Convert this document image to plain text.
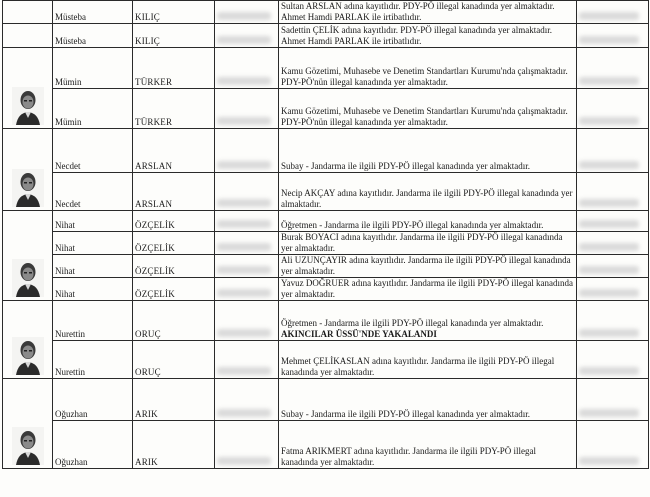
	Müsteba	KILIÇ		Sultan ARSLAN adına kayıtlıdır. PDY-PÖ illegal kanadında yer almaktadır. Ahmet Hamdi PARLAK ile irtibatlıdır.	
	Müsteba	KILIÇ		Sadettin ÇELİK adına kayıtlıdır. PDY-PÖ illegal kanadında yer almaktadır. Ahmet Hamdi PARLAK ile irtibatlıdır.	
	Mümin	TÜRKER		Kamu Gözetimi, Muhasebe ve Denetim Standartları Kurumu'nda çalışmaktadır. PDY-PÖ'nün illegal kanadında yer almaktadır.	
	Mümin	TÜRKER		Kamu Gözetimi, Muhasebe ve Denetim Standartları Kurumu'nda çalışmaktadır. PDY-PÖ'nün illegal kanadında yer almaktadır.	
	Necdet	ARSLAN		Subay - Jandarma ile ilgili PDY-PÖ illegal kanadında yer almaktadır.	
	Necdet	ARSLAN		Necip AKÇAY adına kayıtlıdır. Jandarma ile ilgili PDY-PÖ illegal kanadında yer almaktadır.	
	Nihat	ÖZÇELİK		Öğretmen - Jandarma ile ilgili PDY-PÖ illegal kanadında yer almaktadır.	
	Nihat	ÖZÇELİK		Burak BOYACI adına kayıtlıdır. Jandarma ile ilgili PDY-PÖ illegal kanadında yer almaktadır.	
	Nihat	ÖZÇELİK		Ali UZUNÇAYIR adına kayıtlıdır. Jandarma ile ilgili PDY-PÖ illegal kanadında yer almaktadır.	
	Nihat	ÖZÇELİK		Yavuz DOĞRUER adına kayıtlıdır. Jandarma ile ilgili PDY-PÖ illegal kanadında yer almaktadır.	
	Nurettin	ORUÇ		Öğretmen - Jandarma ile ilgili PDY-PÖ illegal kanadında yer almaktadır. AKINCILAR ÜSSÜ'NDE YAKALANDI	
	Nurettin	ORUÇ		Mehmet ÇELİKASLAN adına kayıtlıdır. Jandarma ile ilgili PDY-PÖ illegal kanadında yer almaktadır.	
	Oğuzhan	ARIK		Subay - Jandarma ile ilgili PDY-PÖ illegal kanadında yer almaktadır.	
	Oğuzhan	ARIK		Fatma ARIKMERT adına kayıtlıdır. Jandarma ile ilgili PDY-PÖ illegal kanadında yer almaktadır.	
